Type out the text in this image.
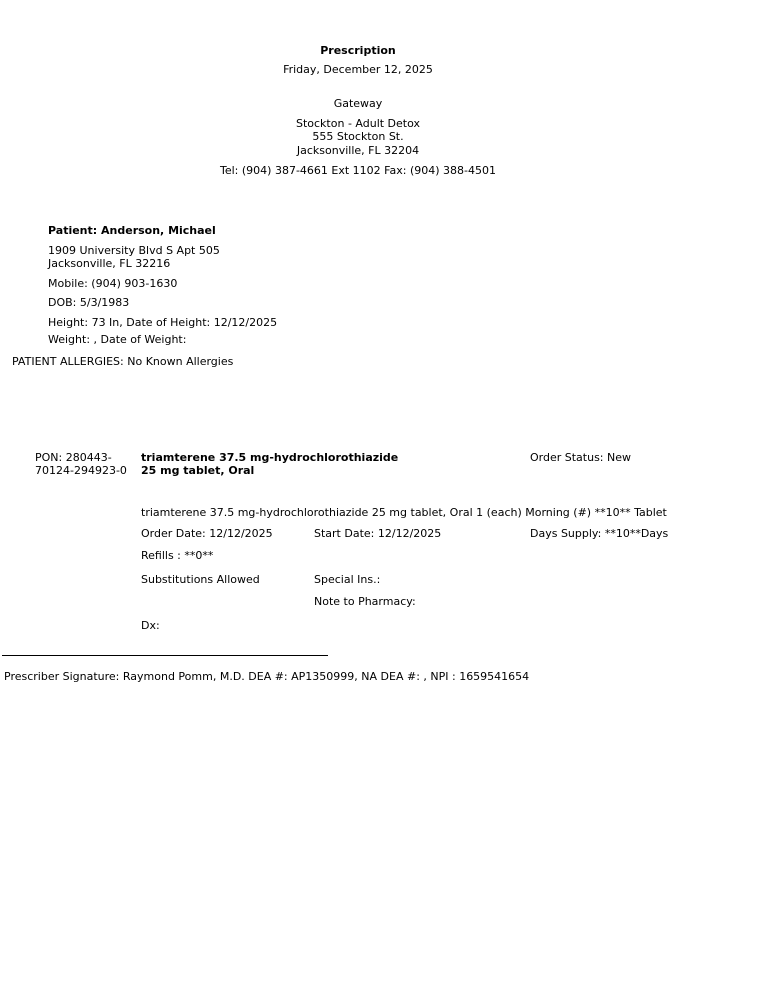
Prescription
Friday, December 12, 2025
Gateway
Stockton - Adult Detox
555 Stockton St.
Jacksonville, FL 32204
Tel: (904) 387-4661 Ext 1102 Fax: (904) 388-4501
Patient: Anderson, Michael
1909 University Blvd S Apt 505
Jacksonville, FL 32216
Mobile: (904) 903-1630
DOB: 5/3/1983
Height: 73 In, Date of Height: 12/12/2025
Weight: , Date of Weight:
PATIENT ALLERGIES: No Known Allergies
PON: 280443-
70124-294923-0
triamterene 37.5 mg-hydrochlorothiazide
25 mg tablet, Oral
Order Status: New
triamterene 37.5 mg-hydrochlorothiazide 25 mg tablet, Oral 1 (each) Morning (#) **10** Tablet
Order Date: 12/12/2025	Start Date: 12/12/2025	Days Supply: **10**Days
Refills : **0**
Substitutions Allowed	Special Ins.:
Note to Pharmacy:
Dx:
Prescriber Signature: Raymond Pomm, M.D. DEA #: AP1350999, NA DEA #: , NPI : 1659541654
